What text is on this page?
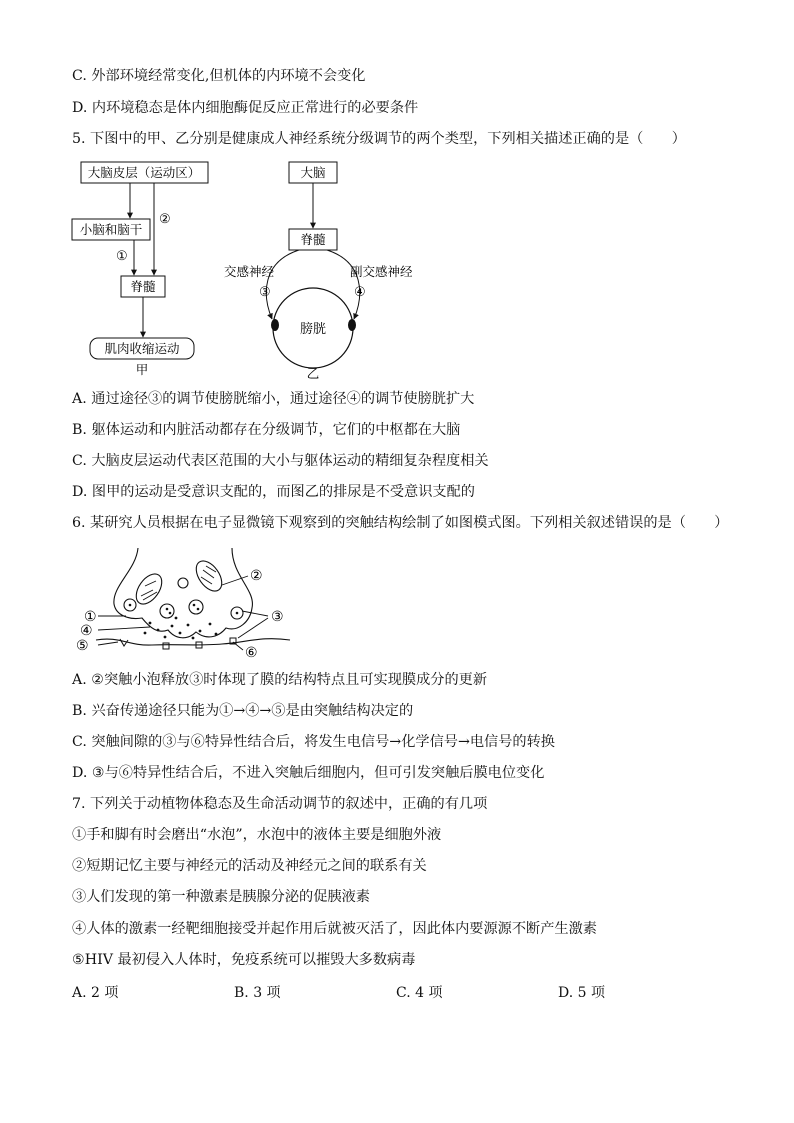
C. 外部环境经常变化,但机体的内环境不会变化
D. 内环境稳态是体内细胞酶促反应正常进行的必要条件
5. 下图中的甲、乙分别是健康成人神经系统分级调节的两个类型，下列相关描述正确的是（　　）
大脑皮层（运动区）
小脑和脑干
脊髓
肌肉收缩运动
①
②
甲
大脑
脊髓
膀胱
交感神经	副交感神经
③	④
乙
A. 通过途径③的调节使膀胱缩小，通过途径④的调节使膀胱扩大
B. 躯体运动和内脏活动都存在分级调节，它们的中枢都在大脑
C. 大脑皮层运动代表区范围的大小与躯体运动的精细复杂程度相关
D. 图甲的运动是受意识支配的，而图乙的排尿是不受意识支配的
6. 某研究人员根据在电子显微镜下观察到的突触结构绘制了如图模式图。下列相关叙述错误的是（　　）
①
④
⑤
②
③
⑥
A. ②突触小泡释放③时体现了膜的结构特点且可实现膜成分的更新
B. 兴奋传递途径只能为①→④→⑤是由突触结构决定的
C. 突触间隙的③与⑥特异性结合后，将发生电信号→化学信号→电信号的转换
D. ③与⑥特异性结合后，不进入突触后细胞内，但可引发突触后膜电位变化
7. 下列关于动植物体稳态及生命活动调节的叙述中，正确的有几项
①手和脚有时会磨出“水泡”，水泡中的液体主要是细胞外液
②短期记忆主要与神经元的活动及神经元之间的联系有关
③人们发现的第一种激素是胰腺分泌的促胰液素
④人体的激素一经靶细胞接受并起作用后就被灭活了，因此体内要源源不断产生激素
⑤HIV 最初侵入人体时，免疫系统可以摧毁大多数病毒
A. 2 项	B. 3 项	C. 4 项	D. 5 项
